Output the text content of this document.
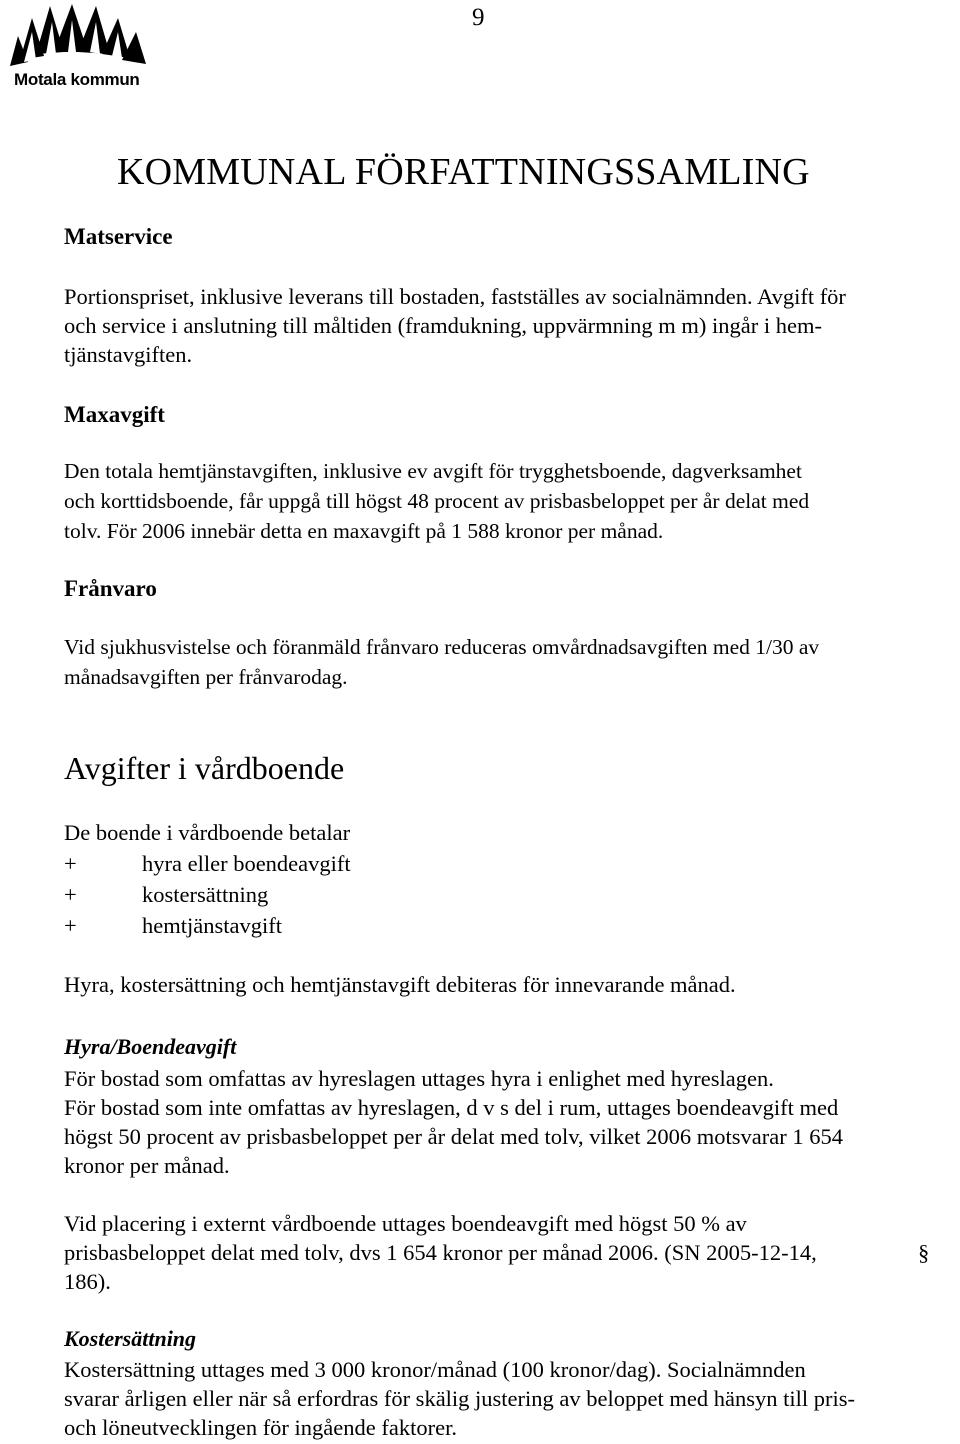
Motala kommun
9
KOMMUNAL FÖRFATTNINGSSAMLING
Matservice
Portionspriset, inklusive leverans till bostaden, fastställes av socialnämnden. Avgift för
och service i anslutning till måltiden (framdukning, uppvärmning m m) ingår i hem-
tjänstavgiften.
Maxavgift
Den totala hemtjänstavgiften, inklusive ev avgift för trygghetsboende, dagverksamhet
och korttidsboende, får uppgå till högst 48 procent av prisbasbeloppet per år delat med
tolv. För 2006 innebär detta en maxavgift på 1 588 kronor per månad.
Frånvaro
Vid sjukhusvistelse och föranmäld frånvaro reduceras omvårdnadsavgiften med 1/30 av
månadsavgiften per frånvarodag.
Avgifter i vårdboende
De boende i vårdboende betalar
+	hyra eller boendeavgift
+	kostersättning
+	hemtjänstavgift
Hyra, kostersättning och hemtjänstavgift debiteras för innevarande månad.
Hyra/Boendeavgift
För bostad som omfattas av hyreslagen uttages hyra i enlighet med hyreslagen.
För bostad som inte omfattas av hyreslagen, d v s del i rum, uttages boendeavgift med
högst 50 procent av prisbasbeloppet per år delat med tolv, vilket 2006 motsvarar 1 654
kronor per månad.
Vid placering i externt vårdboende uttages boendeavgift med högst 50 % av
prisbasbeloppet delat med tolv, dvs 1 654 kronor per månad 2006. (SN 2005-12-14,
186).
§
Kostersättning
Kostersättning uttages med 3 000 kronor/månad (100 kronor/dag). Socialnämnden
svarar årligen eller när så erfordras för skälig justering av beloppet med hänsyn till pris-
och löneutvecklingen för ingående faktorer.
